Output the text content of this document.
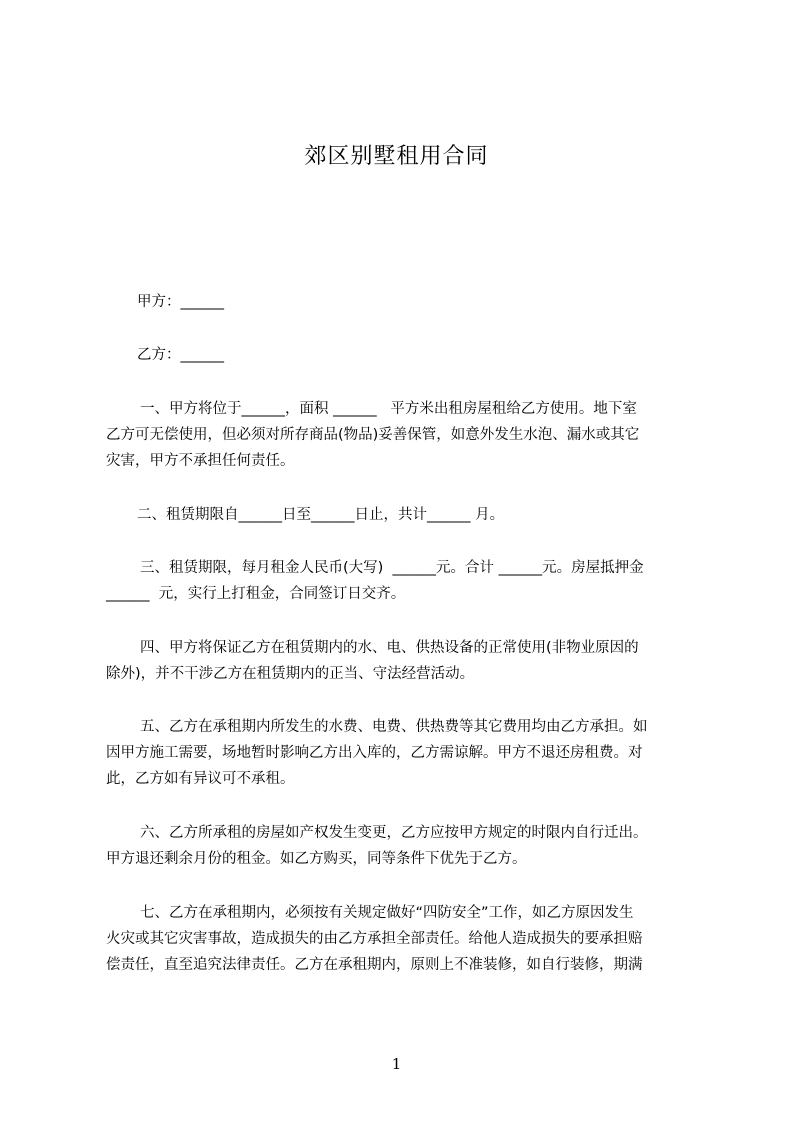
郊区别墅租用合同

甲方：______

乙方：______

一、甲方将位于______，面积 ______   平方米出租房屋租给乙方使用。地下室

乙方可无偿使用，但必须对所存商品(物品)妥善保管，如意外发生水泡、漏水或其它

灾害，甲方不承担任何责任。

二、租赁期限自______日至______日止，共计______ 月。

三、租赁期限，每月租金人民币(大写)  ______元。合计 ______元。房屋抵押金

______  元，实行上打租金，合同签订日交齐。

四、甲方将保证乙方在租赁期内的水、电、供热设备的正常使用(非物业原因的

除外)，并不干涉乙方在租赁期内的正当、守法经营活动。

五、乙方在承租期内所发生的水费、电费、供热费等其它费用均由乙方承担。如

因甲方施工需要，场地暂时影响乙方出入库的，乙方需谅解。甲方不退还房租费。对

此，乙方如有异议可不承租。

六、乙方所承租的房屋如产权发生变更，乙方应按甲方规定的时限内自行迁出。

甲方退还剩余月份的租金。如乙方购买，同等条件下优先于乙方。

七、乙方在承租期内，必须按有关规定做好“四防安全”工作，如乙方原因发生

火灾或其它灾害事故，造成损失的由乙方承担全部责任。给他人造成损失的要承担赔

偿责任，直至追究法律责任。乙方在承租期内，原则上不准装修，如自行装修，期满

1
